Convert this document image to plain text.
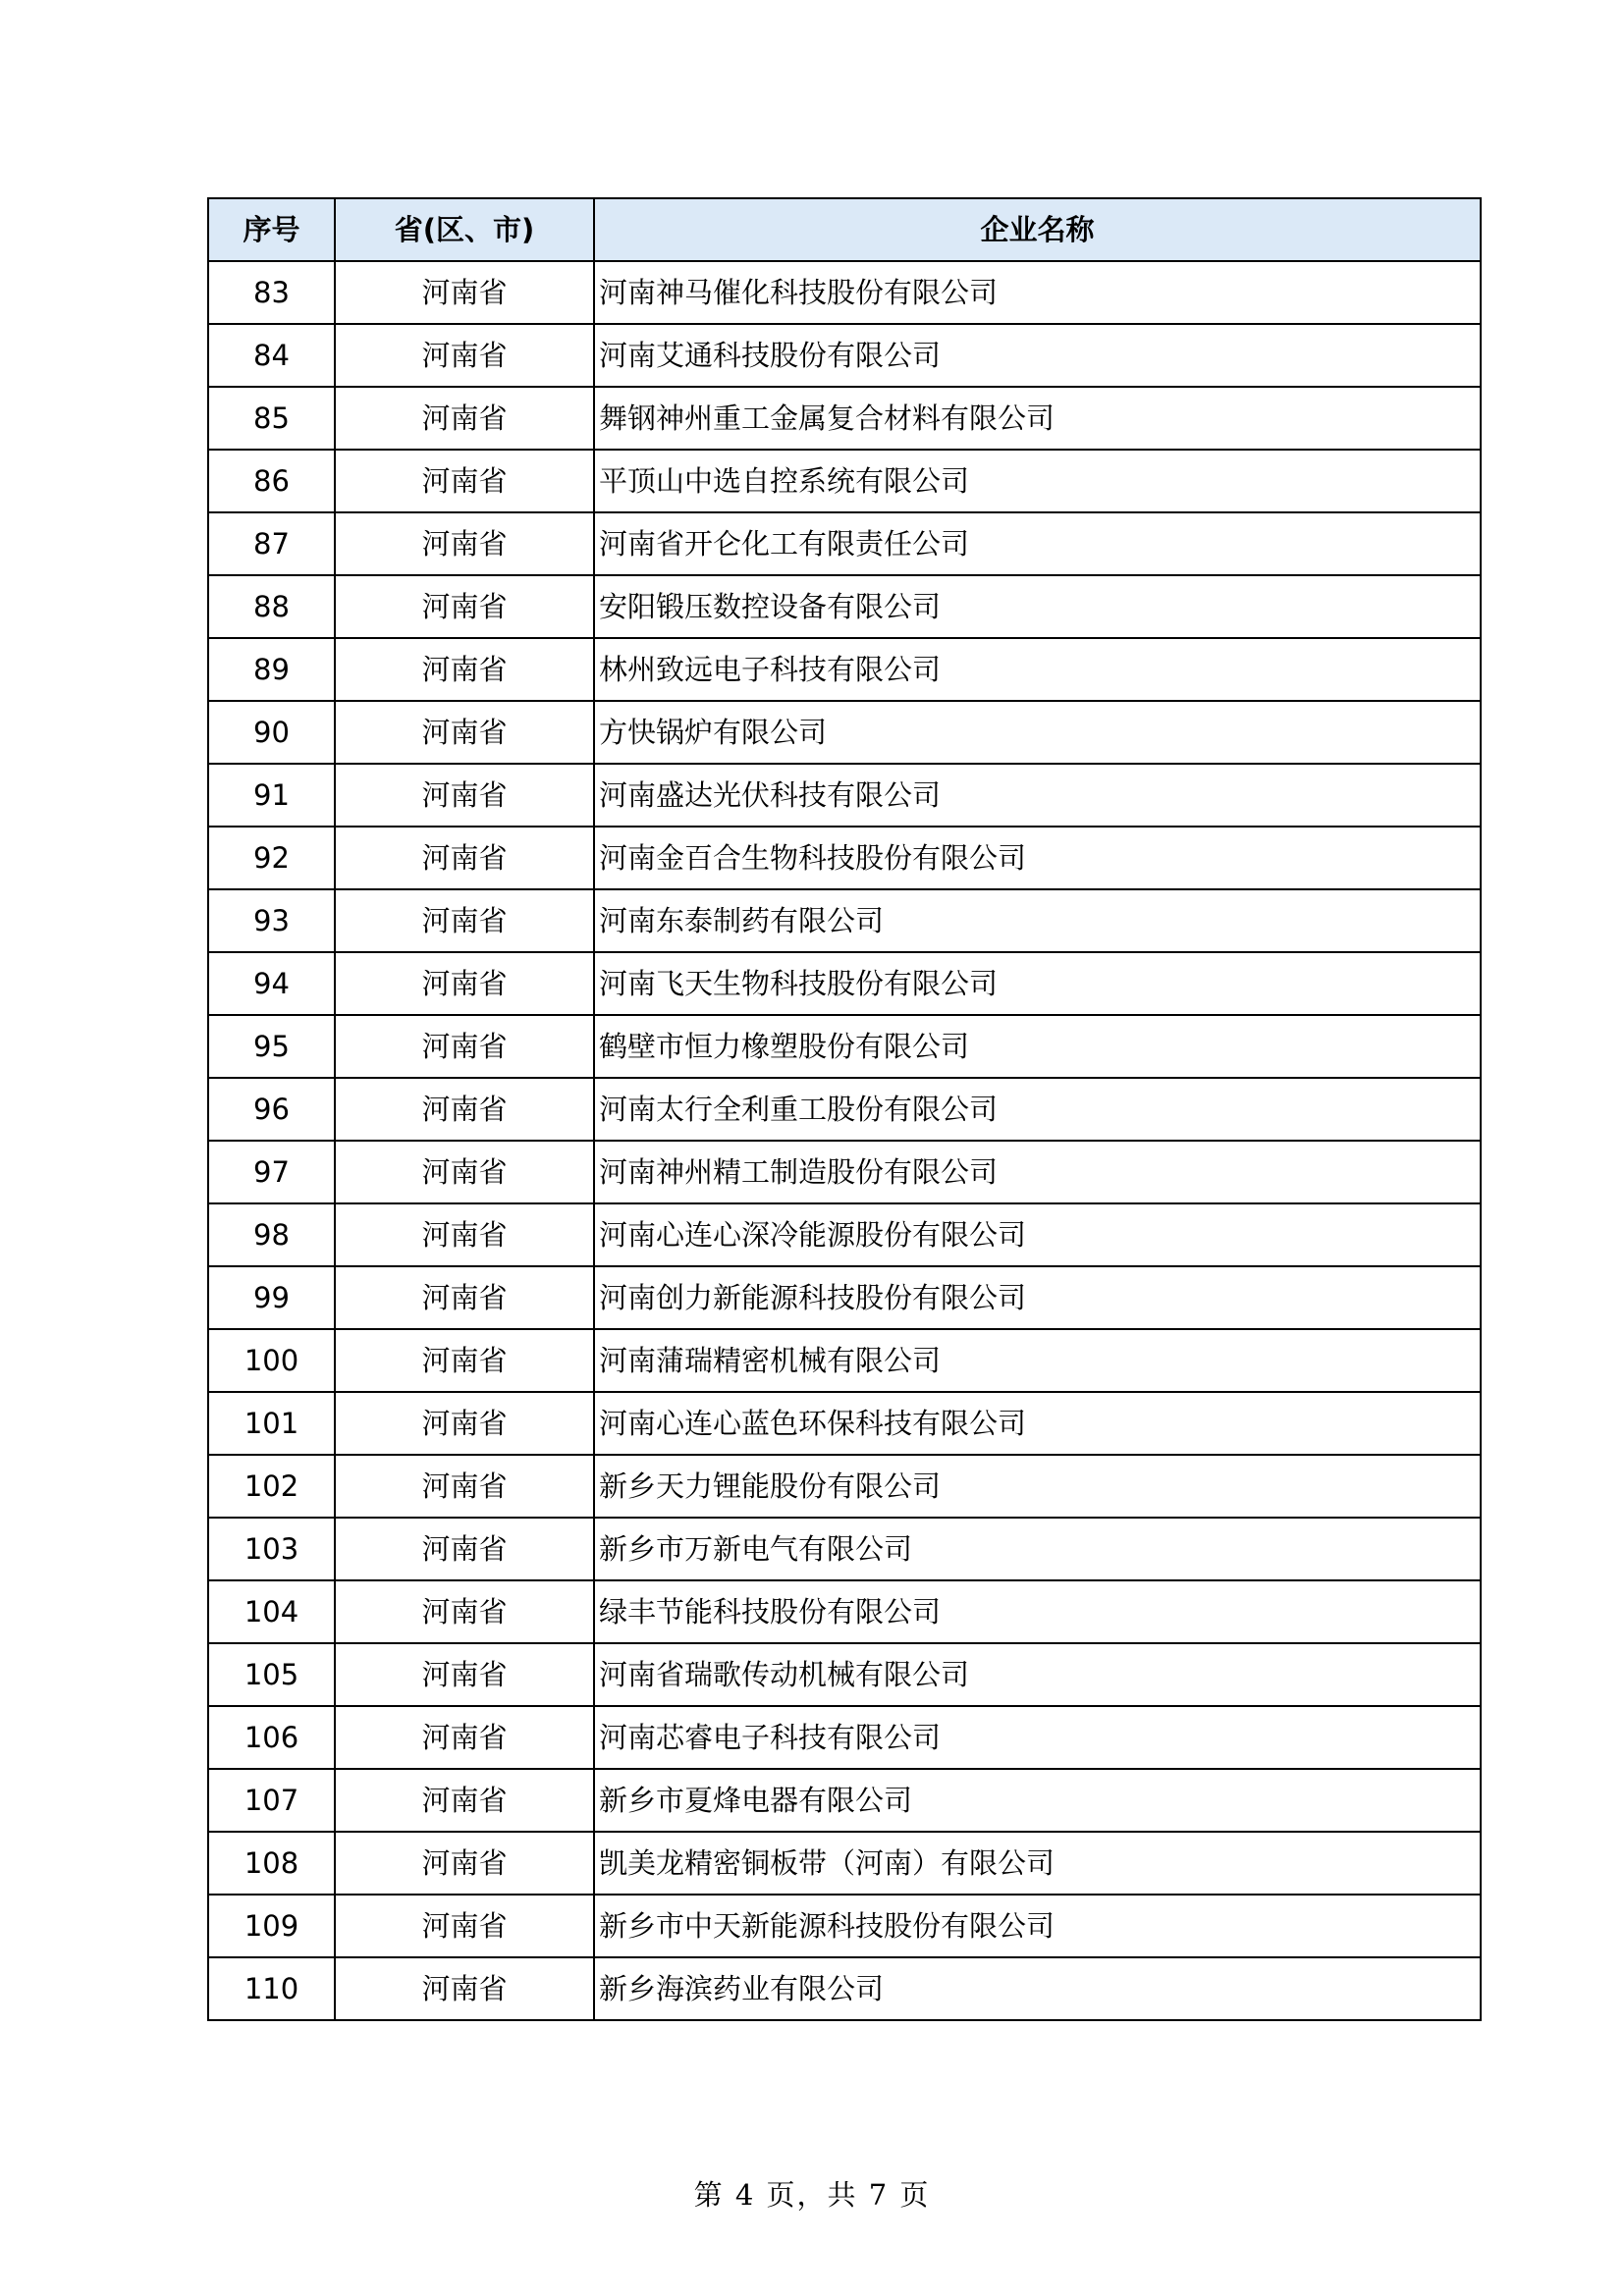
序号	省(区、市)	企业名称
83	河南省	河南神马催化科技股份有限公司
84	河南省	河南艾通科技股份有限公司
85	河南省	舞钢神州重工金属复合材料有限公司
86	河南省	平顶山中选自控系统有限公司
87	河南省	河南省开仑化工有限责任公司
88	河南省	安阳锻压数控设备有限公司
89	河南省	林州致远电子科技有限公司
90	河南省	方快锅炉有限公司
91	河南省	河南盛达光伏科技有限公司
92	河南省	河南金百合生物科技股份有限公司
93	河南省	河南东泰制药有限公司
94	河南省	河南飞天生物科技股份有限公司
95	河南省	鹤壁市恒力橡塑股份有限公司
96	河南省	河南太行全利重工股份有限公司
97	河南省	河南神州精工制造股份有限公司
98	河南省	河南心连心深冷能源股份有限公司
99	河南省	河南创力新能源科技股份有限公司
100	河南省	河南蒲瑞精密机械有限公司
101	河南省	河南心连心蓝色环保科技有限公司
102	河南省	新乡天力锂能股份有限公司
103	河南省	新乡市万新电气有限公司
104	河南省	绿丰节能科技股份有限公司
105	河南省	河南省瑞歌传动机械有限公司
106	河南省	河南芯睿电子科技有限公司
107	河南省	新乡市夏烽电器有限公司
108	河南省	凯美龙精密铜板带（河南）有限公司
109	河南省	新乡市中天新能源科技股份有限公司
110	河南省	新乡海滨药业有限公司
第 4 页，共 7 页
